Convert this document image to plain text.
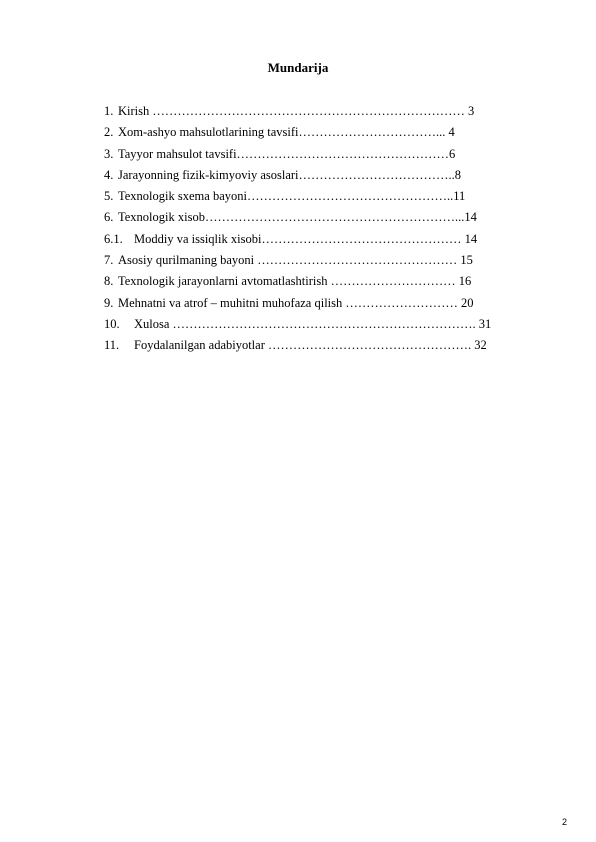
Mundarija
1. Kirish ………………………………………………………………… 3
2. Xom-ashyo mahsulotlarining tavsifi……………………………... 4
3. Tayyor mahsulot tavsifi……………………………………………6
4. Jarayonning fizik-kimyoviy asoslari………………………………..8
5. Texnologik sxema bayoni…………………………………………..11
6. Texnologik xisob……………………………………………………...14
6.1. Moddiy va issiqlik xisobi………………………………………… 14
7. Asosiy qurilmaning bayoni ………………………………………… 15
8. Texnologik jarayonlarni avtomatlashtirish ………………………… 16
9. Mehnatni va atrof – muhitni muhofaza qilish ……………………… 20
10. Xulosa ………………………………………………………………. 31
11. Foydalanilgan adabiyotlar …………………………………………. 32
2
